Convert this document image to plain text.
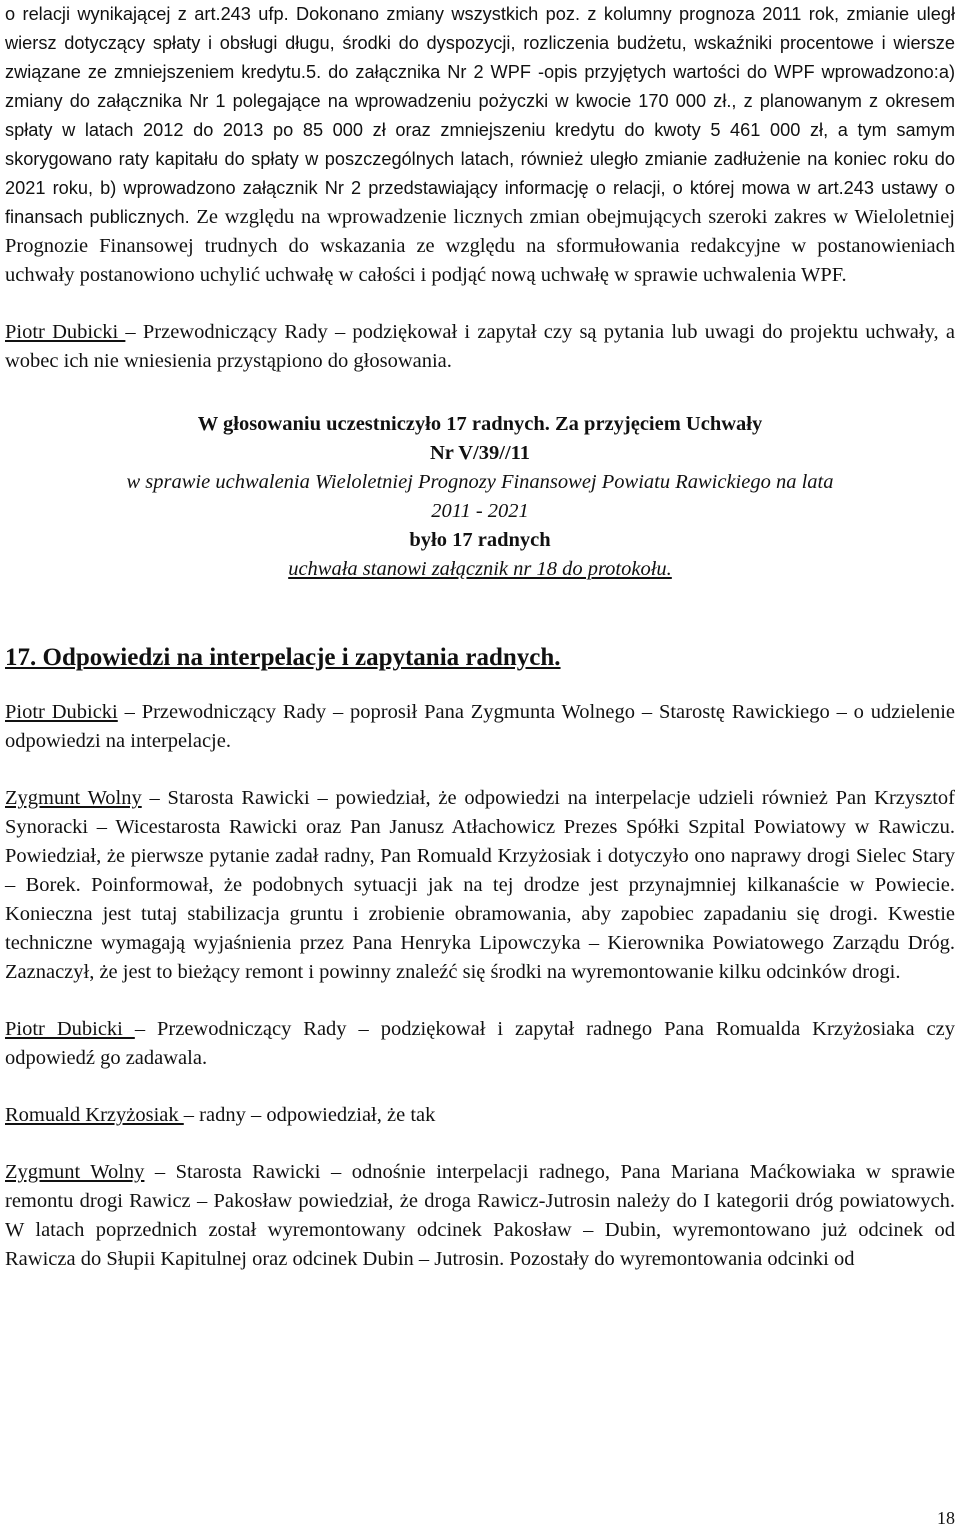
o relacji wynikającej z art.243 ufp. Dokonano zmiany wszystkich poz. z kolumny prognoza 2011 rok, zmianie uległ wiersz dotyczący spłaty i obsługi długu, środki do dyspozycji, rozliczenia budżetu, wskaźniki procentowe i wiersze związane ze zmniejszeniem kredytu.5. do załącznika Nr 2 WPF -opis przyjętych wartości do WPF wprowadzono:a) zmiany do załącznika Nr 1 polegające na wprowadzeniu pożyczki w kwocie 170 000 zł., z planowanym z okresem spłaty w latach 2012 do 2013 po 85 000 zł oraz zmniejszeniu kredytu do kwoty 5 461 000 zł, a tym samym skorygowano raty kapitału do spłaty w poszczególnych latach, również uległo zmianie zadłużenie na koniec roku do 2021 roku, b) wprowadzono załącznik Nr 2 przedstawiający informację o relacji, o której mowa w art.243 ustawy o finansach publicznych. Ze względu na wprowadzenie licznych zmian obejmujących szeroki zakres w Wieloletniej Prognozie Finansowej trudnych do wskazania ze względu na sformułowania redakcyjne w postanowieniach uchwały postanowiono uchylić uchwałę w całości i podjąć nową uchwałę w sprawie uchwalenia WPF.

Piotr Dubicki – Przewodniczący Rady – podziękował i zapytał czy są pytania lub uwagi do projektu uchwały, a wobec ich nie wniesienia przystąpiono do głosowania.

W głosowaniu uczestniczyło 17 radnych. Za przyjęciem Uchwały

Nr V/39//11

w sprawie uchwalenia Wieloletniej Prognozy Finansowej Powiatu Rawickiego na lata

2011 - 2021

było 17 radnych

uchwała stanowi załącznik nr 18 do protokołu.

17. Odpowiedzi na interpelacje i zapytania radnych.

Piotr Dubicki – Przewodniczący Rady – poprosił Pana Zygmunta Wolnego – Starostę Rawickiego – o udzielenie odpowiedzi na interpelacje.

Zygmunt Wolny – Starosta Rawicki – powiedział, że odpowiedzi na interpelacje udzieli również Pan Krzysztof Synoracki – Wicestarosta Rawicki oraz Pan Janusz Atłachowicz Prezes Spółki Szpital Powiatowy w Rawiczu. Powiedział, że pierwsze pytanie zadał radny, Pan Romuald Krzyżosiak i dotyczyło ono naprawy drogi Sielec Stary – Borek. Poinformował, że podobnych sytuacji jak na tej drodze jest przynajmniej kilkanaście w Powiecie. Konieczna jest tutaj stabilizacja gruntu i zrobienie obramowania, aby zapobiec zapadaniu się drogi. Kwestie techniczne wymagają wyjaśnienia przez Pana Henryka Lipowczyka – Kierownika Powiatowego Zarządu Dróg. Zaznaczył, że jest to bieżący remont i powinny znaleźć się środki na wyremontowanie kilku odcinków drogi.

Piotr Dubicki – Przewodniczący Rady – podziękował i zapytał radnego Pana Romualda Krzyżosiaka czy odpowiedź go zadawala.

Romuald Krzyżosiak – radny – odpowiedział, że tak

Zygmunt Wolny – Starosta Rawicki – odnośnie interpelacji radnego, Pana Mariana Maćkowiaka w sprawie remontu drogi Rawicz – Pakosław powiedział, że droga Rawicz-Jutrosin należy do I kategorii dróg powiatowych. W latach poprzednich został wyremontowany odcinek Pakosław – Dubin, wyremontowano już odcinek od Rawicza do Słupii Kapitulnej oraz odcinek Dubin – Jutrosin. Pozostały do wyremontowania odcinki od

18
